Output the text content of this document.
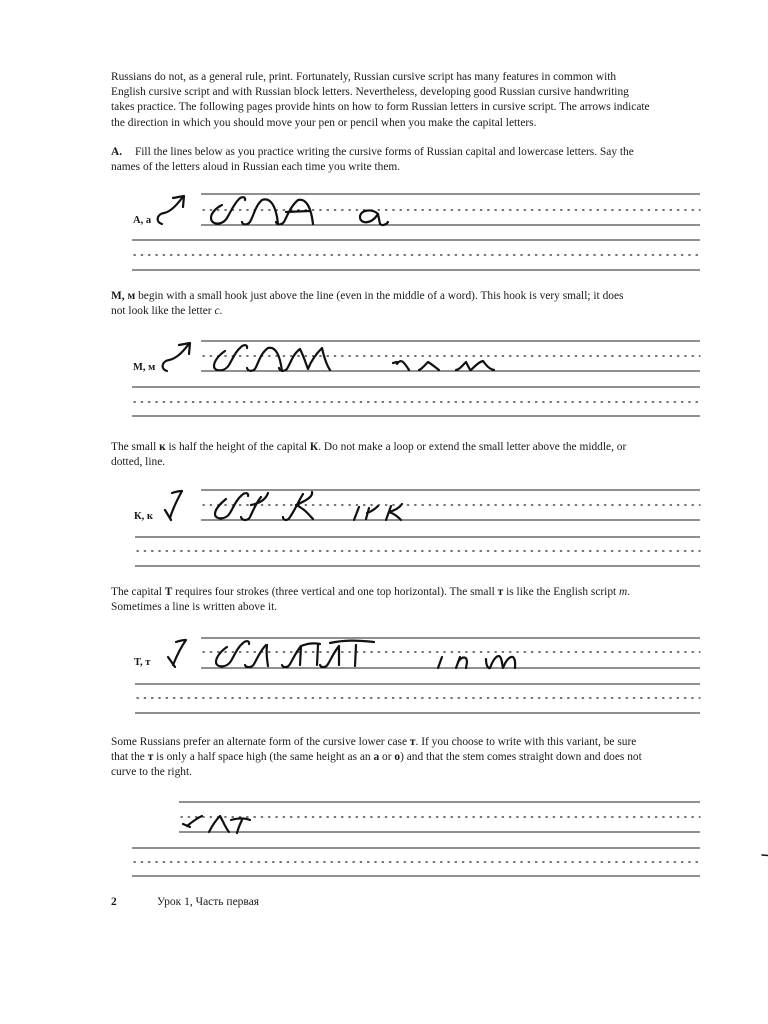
Russians do not, as a general rule, print. Fortunately, Russian cursive script has many features in common with
English cursive script and with Russian block letters. Nevertheless, developing good Russian cursive handwriting
takes practice. The following pages provide hints on how to form Russian letters in cursive script. The arrows indicate
the direction in which you should move your pen or pencil when you make the capital letters.

A. Fill the lines below as you practice writing the cursive forms of Russian capital and lowercase letters. Say the
names of the letters aloud in Russian each time you write them.

А, а
М, м
К, к
Т, т

М, м begin with a small hook just above the line (even in the middle of a word). This hook is very small; it does
not look like the letter c.

The small к is half the height of the capital К. Do not make a loop or extend the small letter above the middle, or
dotted, line.

The capital Т requires four strokes (three vertical and one top horizontal). The small т is like the English script m.
Sometimes a line is written above it.

Some Russians prefer an alternate form of the cursive lower case т. If you choose to write with this variant, be sure
that the т is only a half space high (the same height as an a or o) and that the stem comes straight down and does not
curve to the right.

2	Урок 1, Часть первая
